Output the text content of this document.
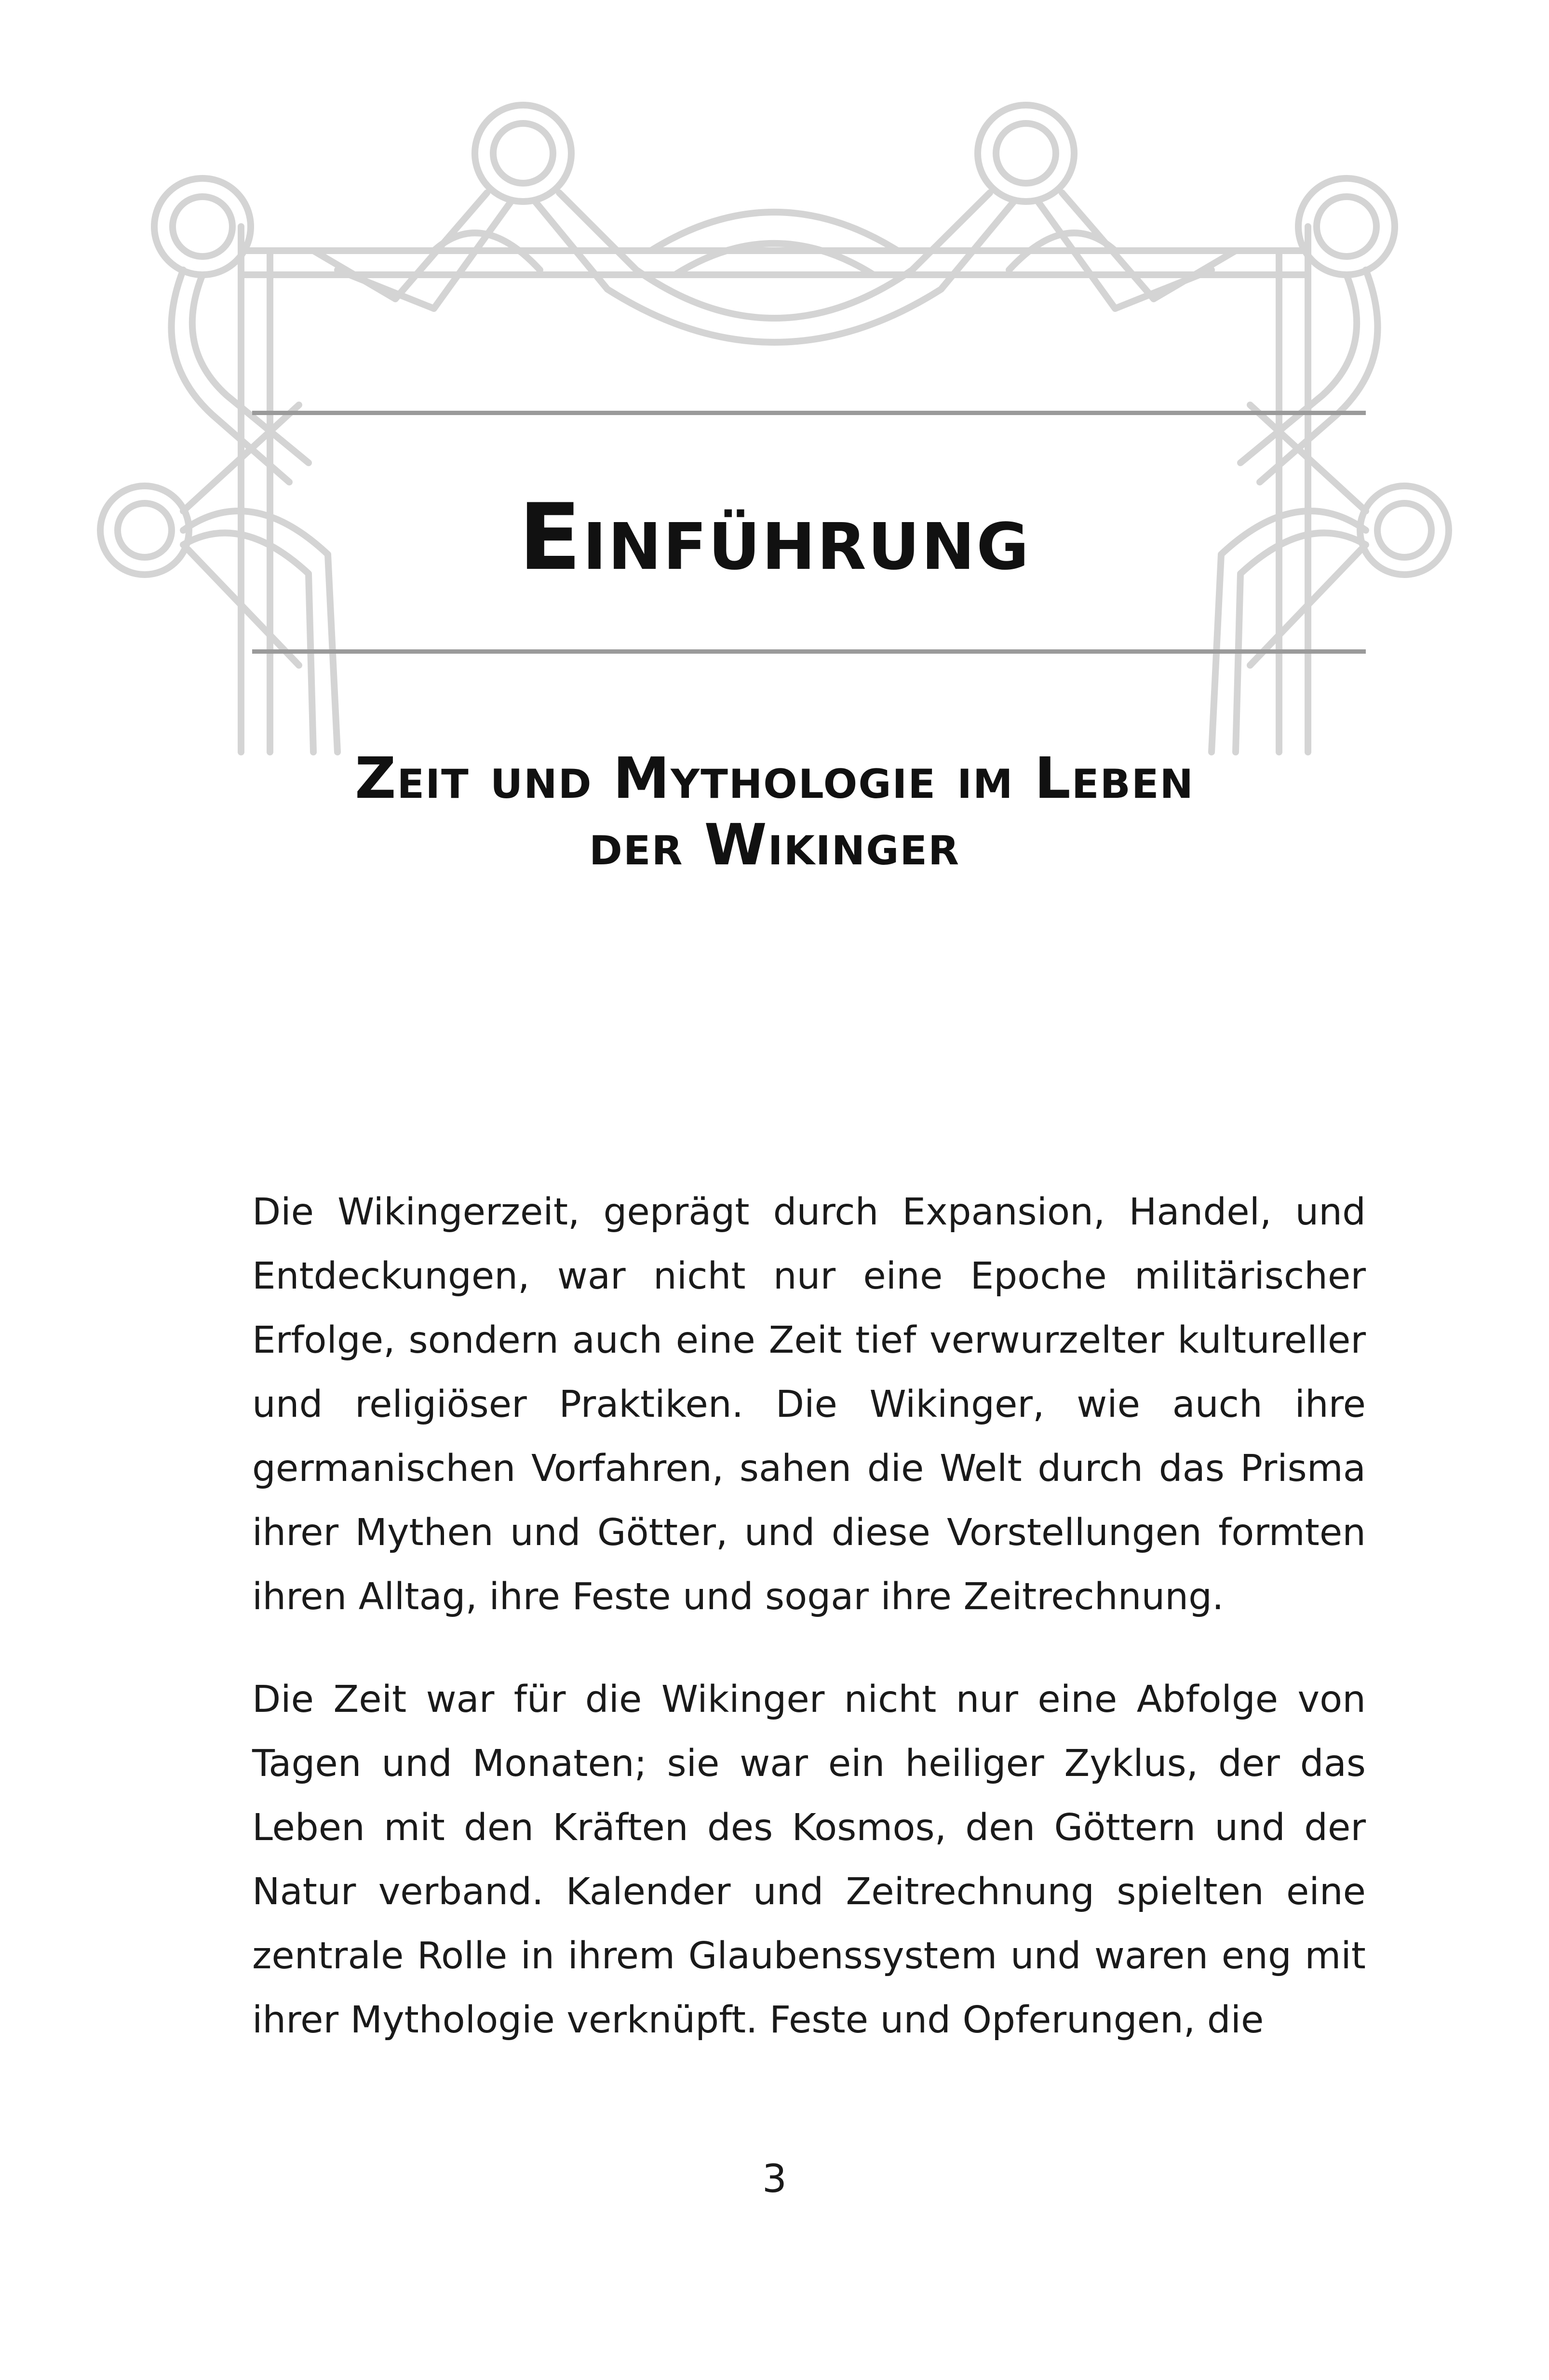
Einführung
Zeit und Mythologie im Leben
der Wikinger

Die Wikingerzeit, geprägt durch Expansion, Handel, und Entdeckungen, war nicht nur eine Epoche militärischer Erfolge, sondern auch eine Zeit tief verwurzelter kultureller und religiöser Praktiken. Die Wikinger, wie auch ihre germanischen Vorfahren, sahen die Welt durch das Prisma ihrer Mythen und Götter, und diese Vorstellungen formten ihren Alltag, ihre Feste und sogar ihre Zeitrechnung.

Die Zeit war für die Wikinger nicht nur eine Abfolge von Tagen und Monaten; sie war ein heiliger Zyklus, der das Leben mit den Kräften des Kosmos, den Göttern und der Natur verband. Kalender und Zeitrechnung spielten eine zentrale Rolle in ihrem Glaubenssystem und waren eng mit ihrer Mythologie verknüpft. Feste und Opferungen, die

3
